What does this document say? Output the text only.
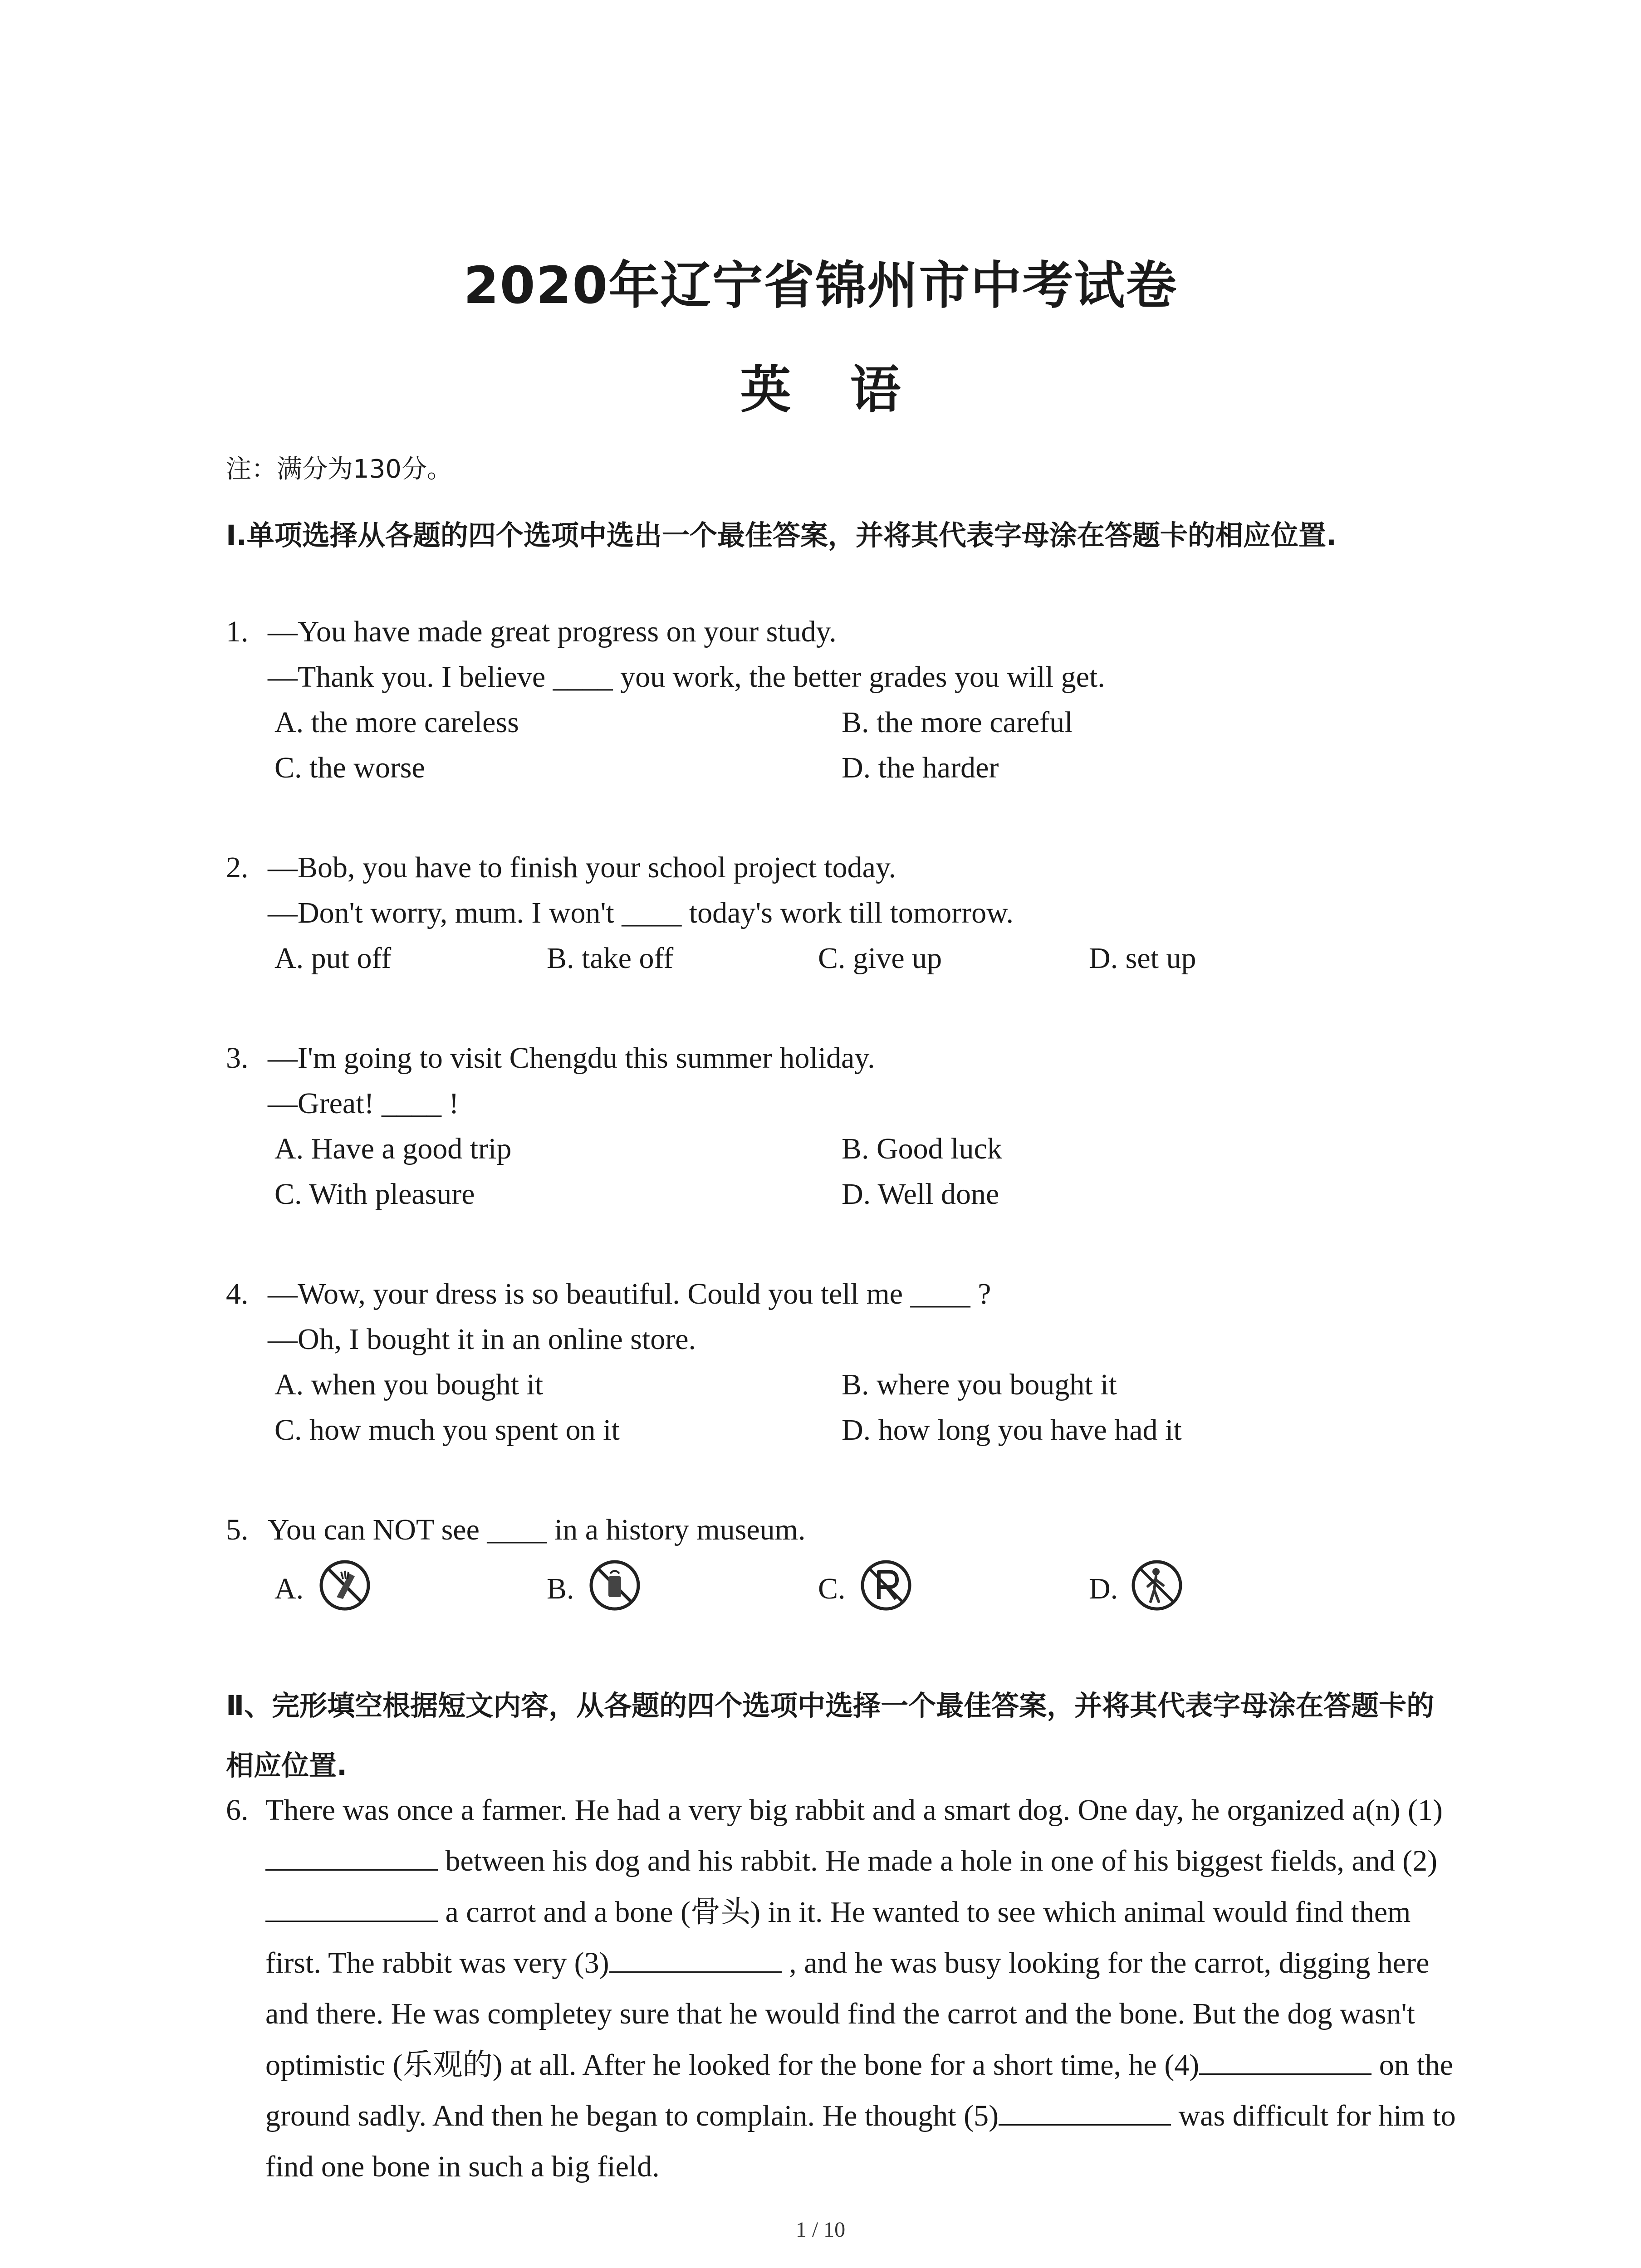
2020年辽宁省锦州市中考试卷
英语
注：满分为130分。
Ⅰ.单项选择从各题的四个选项中选出一个最佳答案，并将其代表字母涂在答题卡的相应位置.
1. —You have made great progress on your study.
—Thank you. I believe ____ you work, the better grades you will get.
A. the more careless	B. the more careful
C. the worse	D. the harder
2. —Bob, you have to finish your school project today.
—Don't worry, mum. I won't ____ today's work till tomorrow.
A. put off	B. take off	C. give up	D. set up
3. —I'm going to visit Chengdu this summer holiday.
—Great! ____ !
A. Have a good trip	B. Good luck
C. With pleasure	D. Well done
4. —Wow, your dress is so beautiful. Could you tell me ____ ?
—Oh, I bought it in an online store.
A. when you bought it	B. where you bought it
C. how much you spent on it	D. how long you have had it
5. You can NOT see ____ in a history museum.
A.	B.	C.	D.
Ⅱ、完形填空根据短文内容，从各题的四个选项中选择一个最佳答案，并将其代表字母涂在答题卡的相应位置.
6. There was once a farmer. He had a very big rabbit and a smart dog. One day, he organized a(n) (1) between his dog and his rabbit. He made a hole in one of his biggest fields, and (2) a carrot and a bone (骨头) in it. He wanted to see which animal would find them first. The rabbit was very (3)	, and he was busy looking for the carrot, digging here and there. He was completey sure that he would find the carrot and the bone. But the dog wasn't optimistic (乐观的) at all. After he looked for the bone for a short time, he (4)	on the ground sadly. And then he began to complain. He thought (5)	was difficult for him to find one bone in such a big field.
1 / 10
